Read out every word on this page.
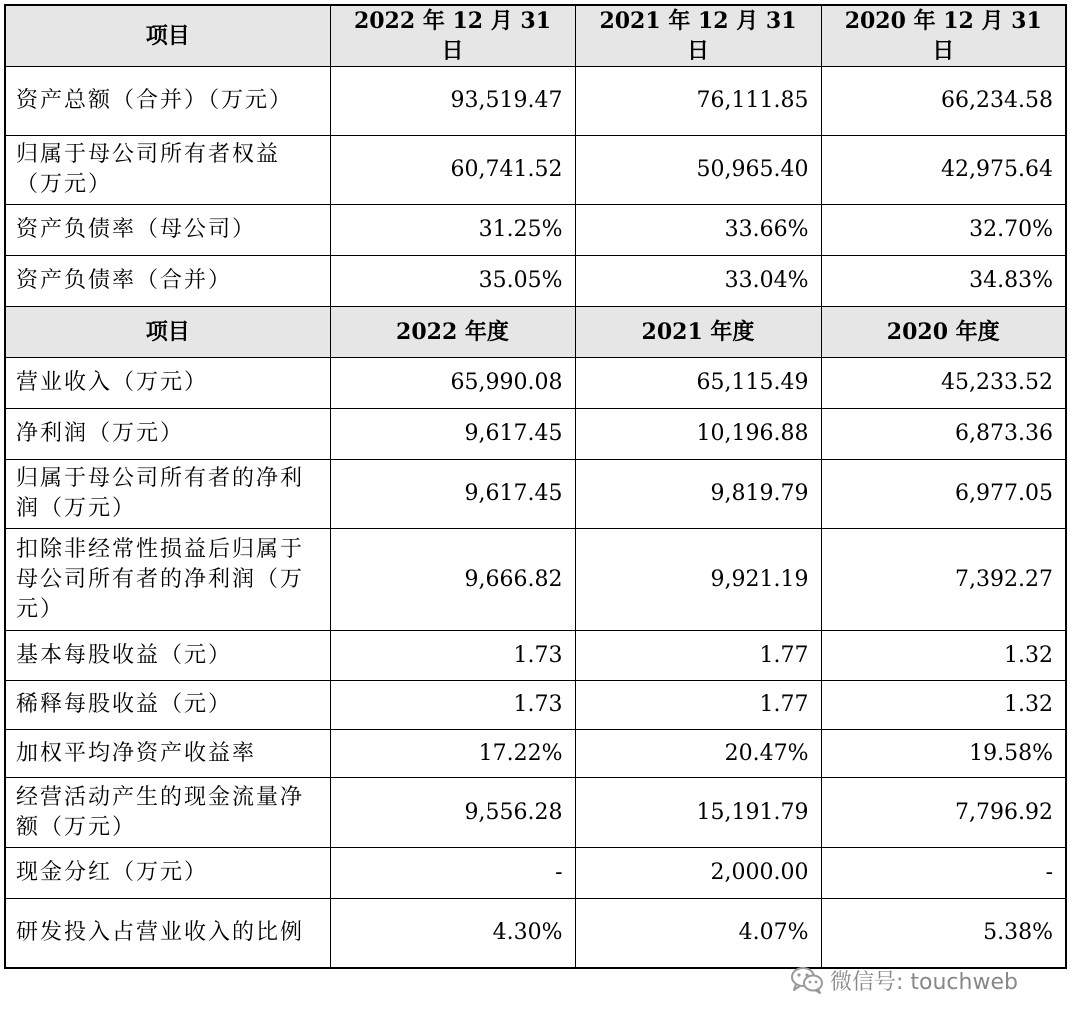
项目	2022 年 12 月 31 日	2021 年 12 月 31 日	2020 年 12 月 31 日
资产总额（合并）（万元）	93,519.47	76,111.85	66,234.58
归属于母公司所有者权益（万元）	60,741.52	50,965.40	42,975.64
资产负债率（母公司）	31.25%	33.66%	32.70%
资产负债率（合并）	35.05%	33.04%	34.83%
项目	2022 年度	2021 年度	2020 年度
营业收入（万元）	65,990.08	65,115.49	45,233.52
净利润（万元）	9,617.45	10,196.88	6,873.36
归属于母公司所有者的净利润（万元）	9,617.45	9,819.79	6,977.05
扣除非经常性损益后归属于母公司所有者的净利润（万元）	9,666.82	9,921.19	7,392.27
基本每股收益（元）	1.73	1.77	1.32
稀释每股收益（元）	1.73	1.77	1.32
加权平均净资产收益率	17.22%	20.47%	19.58%
经营活动产生的现金流量净额（万元）	9,556.28	15,191.79	7,796.92
现金分红（万元）	-	2,000.00	-
研发投入占营业收入的比例	4.30%	4.07%	5.38%
微信号: touchweb
